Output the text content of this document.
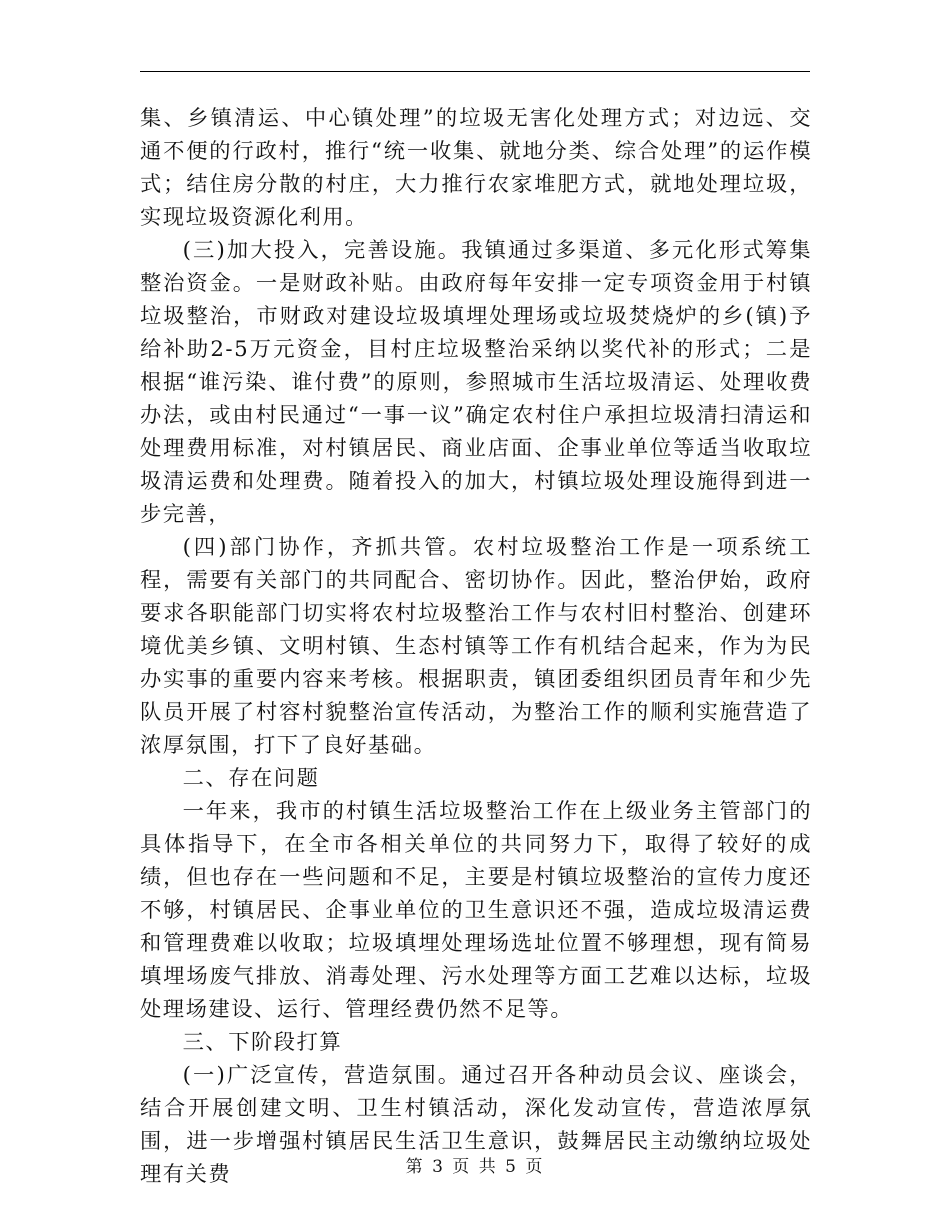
集、乡镇清运、中心镇处理”的垃圾无害化处理方式；对边远、交通不便的行政村，推行“统一收集、就地分类、综合处理”的运作模式；结住房分散的村庄，大力推行农家堆肥方式，就地处理垃圾，实现垃圾资源化利用。

(三)加大投入，完善设施。我镇通过多渠道、多元化形式筹集整治资金。一是财政补贴。由政府每年安排一定专项资金用于村镇垃圾整治，市财政对建设垃圾填埋处理场或垃圾焚烧炉的乡(镇)予给补助2-5万元资金，目村庄垃圾整治采纳以奖代补的形式；二是根据“谁污染、谁付费”的原则，参照城市生活垃圾清运、处理收费办法，或由村民通过“一事一议”确定农村住户承担垃圾清扫清运和处理费用标准，对村镇居民、商业店面、企事业单位等适当收取垃圾清运费和处理费。随着投入的加大，村镇垃圾处理设施得到进一步完善，

(四)部门协作，齐抓共管。农村垃圾整治工作是一项系统工程，需要有关部门的共同配合、密切协作。因此，整治伊始，政府要求各职能部门切实将农村垃圾整治工作与农村旧村整治、创建环境优美乡镇、文明村镇、生态村镇等工作有机结合起来，作为为民办实事的重要内容来考核。根据职责，镇团委组织团员青年和少先队员开展了村容村貌整治宣传活动，为整治工作的顺利实施营造了浓厚氛围，打下了良好基础。

二、存在问题

一年来，我市的村镇生活垃圾整治工作在上级业务主管部门的具体指导下，在全市各相关单位的共同努力下，取得了较好的成绩，但也存在一些问题和不足，主要是村镇垃圾整治的宣传力度还不够，村镇居民、企事业单位的卫生意识还不强，造成垃圾清运费和管理费难以收取；垃圾填埋处理场选址位置不够理想，现有简易填埋场废气排放、消毒处理、污水处理等方面工艺难以达标，垃圾处理场建设、运行、管理经费仍然不足等。

三、下阶段打算

(一)广泛宣传，营造氛围。通过召开各种动员会议、座谈会，结合开展创建文明、卫生村镇活动，深化发动宣传，营造浓厚氛围，进一步增强村镇居民生活卫生意识，鼓舞居民主动缴纳垃圾处理有关费	第 3 页 共 5 页
